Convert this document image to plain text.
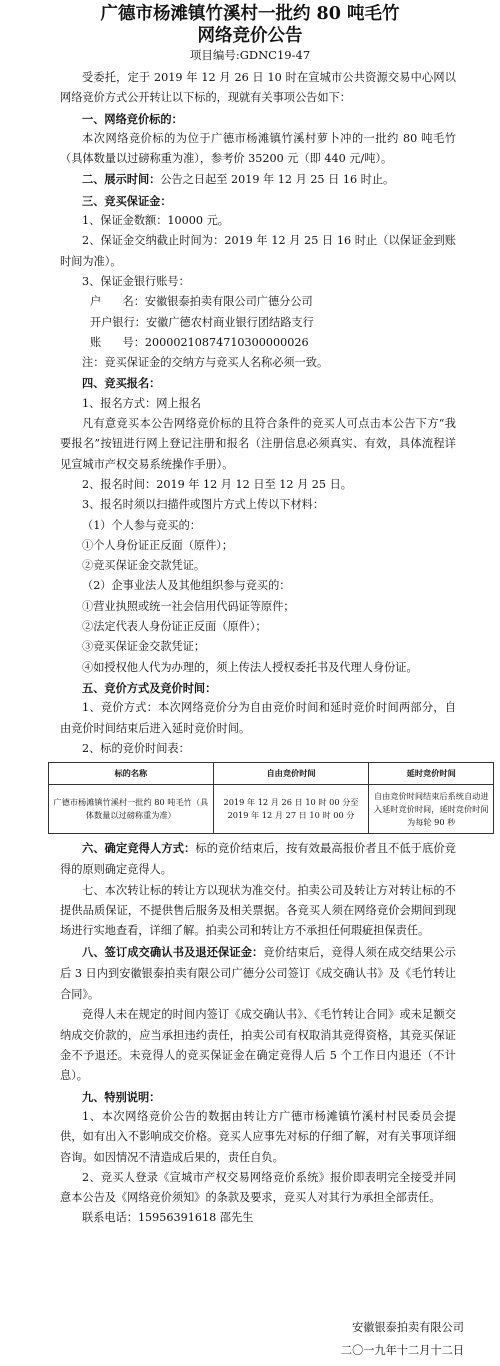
广德市杨滩镇竹溪村一批约 80 吨毛竹
网络竞价公告
项目编号:GDNC19-47

受委托，定于 2019 年 12 月 26 日 10 时在宣城市公共资源交易中心网以网络竞价方式公开转让以下标的，现就有关事项公告如下：

一、网络竞价标的：

本次网络竞价标的为位于广德市杨滩镇竹溪村萝卜冲的一批约 80 吨毛竹（具体数量以过磅称重为准），参考价 35200 元（即 440 元/吨）。

二、展示时间：公告之日起至 2019 年 12 月 25 日 16 时止。

三、竞买保证金：

1、保证金数额：10000 元。

2、保证金交纳截止时间为：2019 年 12 月 25 日 16 时止（以保证金到账时间为准）。

3、保证金银行账号：

户      名：安徽银泰拍卖有限公司广德分公司
开户银行：安徽广德农村商业银行团结路支行
账      号：20000210874710300000026

注：竞买保证金的交纳方与竞买人名称必须一致。

四、竞买报名：

1、报名方式：网上报名

凡有意竞买本公告网络竞价标的且符合条件的竞买人可点击本公告下方“我要报名”按钮进行网上登记注册和报名（注册信息必须真实、有效，具体流程详见宣城市产权交易系统操作手册）。

2、报名时间：2019 年 12 月 12 日至 12 月 25 日。

3、报名时须以扫描件或图片方式上传以下材料：

（1）个人参与竞买的：

①个人身份证正反面（原件）；

②竞买保证金交款凭证。

（2）企事业法人及其他组织参与竞买的：

①营业执照或统一社会信用代码证等原件；

②法定代表人身份证正反面（原件）；

③竞买保证金交款凭证；

④如授权他人代为办理的，须上传法人授权委托书及代理人身份证。

五、竞价方式及竞价时间：

1、竞价方式：本次网络竞价分为自由竞价时间和延时竞价时间两部分，自由竞价时间结束后进入延时竞价时间。

2、标的竞价时间表：

标的名称	自由竞价时间	延时竞价时间
广德市杨滩镇竹溪村一批约 80 吨毛竹（具体数量以过磅称重为准）	2019 年 12 月 26 日 10 时 00 分至 2019 年 12 月 27 日 10 时 00 分	自由竞价时间结束后系统自动进入延时竞价时间，延时竞价时间为每轮 90 秒

六、确定竞得人方式：标的竞价结束后，按有效最高报价者且不低于底价竞得的原则确定竞得人。

七、本次转让标的转让方以现状为准交付。拍卖公司及转让方对转让标的不提供品质保证，不提供售后服务及相关票据。各竞买人须在网络竞价会期间到现场进行实地查看，详细了解。拍卖公司和转让方不承担任何瑕疵担保责任。

八、签订成交确认书及退还保证金：竞价结束后，竞得人须在成交结果公示后 3 日内到安徽银泰拍卖有限公司广德分公司签订《成交确认书》及《毛竹转让合同》。

竞得人未在规定的时间内签订《成交确认书》、《毛竹转让合同》或未足额交纳成交价款的，应当承担违约责任，拍卖公司有权取消其竞得资格，其竞买保证金不予退还。未竞得人的竞买保证金在确定竞得人后 5 个工作日内退还（不计息）。

九、特别说明：

1、本次网络竞价公告的数据由转让方广德市杨滩镇竹溪村村民委员会提供，如有出入不影响成交价格。竞买人应事先对标的仔细了解，对有关事项详细咨询。如因情况不清造成后果的，责任自负。

2、竞买人登录《宣城市产权交易网络竞价系统》报价即表明完全接受并同意本公告及《网络竞价须知》的条款及要求，竞买人对其行为承担全部责任。

联系电话：15956391618 邵先生

安徽银泰拍卖有限公司
二〇一九年十二月十二日
